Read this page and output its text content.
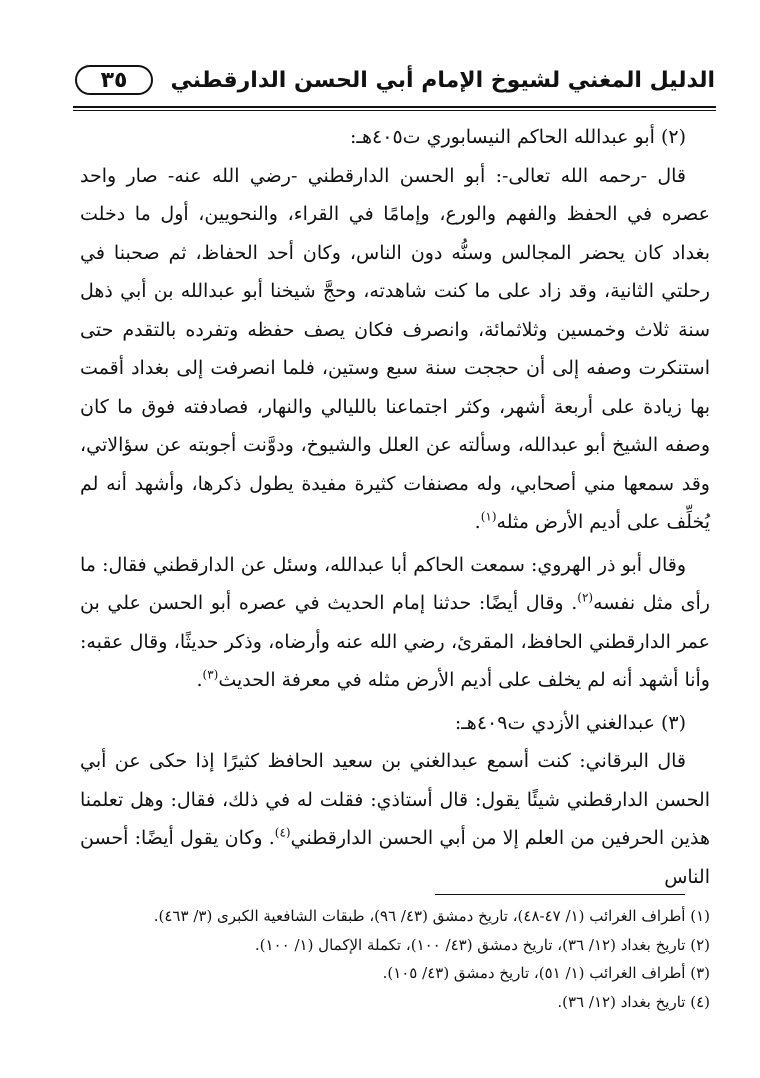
الدليل المغني لشيوخ الإمام أبي الحسن الدارقطني
٣٥

(٢) أبو عبدالله الحاكم النيسابوري ت٤٠٥هـ:

قال -رحمه الله تعالى-: أبو الحسن الدارقطني -رضي الله عنه- صار واحد عصره في الحفظ والفهم والورع، وإمامًا في القراء، والنحويين، أول ما دخلت بغداد كان يحضر المجالس وسنُّه دون الناس، وكان أحد الحفاظ، ثم صحبنا في رحلتي الثانية، وقد زاد على ما كنت شاهدته، وحجَّ شيخنا أبو عبدالله بن أبي ذهل سنة ثلاث وخمسين وثلاثمائة، وانصرف فكان يصف حفظه وتفرده بالتقدم حتى استنكرت وصفه إلى أن حججت سنة سبع وستين، فلما انصرفت إلى بغداد أقمت بها زيادة على أربعة أشهر، وكثر اجتماعنا بالليالي والنهار، فصادفته فوق ما كان وصفه الشيخ أبو عبدالله، وسألته عن العلل والشيوخ، ودوَّنت أجوبته عن سؤالاتي، وقد سمعها مني أصحابي، وله مصنفات كثيرة مفيدة يطول ذكرها، وأشهد أنه لم يُخلِّف على أديم الأرض مثله$^{(١)}$.

وقال أبو ذر الهروي: سمعت الحاكم أبا عبدالله، وسئل عن الدارقطني فقال: ما رأى مثل نفسه$^{(٢)}$. وقال أيضًا: حدثنا إمام الحديث في عصره أبو الحسن علي بن عمر الدارقطني الحافظ، المقرئ، رضي الله عنه وأرضاه، وذكر حديثًا، وقال عقبه: وأنا أشهد أنه لم يخلف على أديم الأرض مثله في معرفة الحديث$^{(٣)}$.

(٣) عبدالغني الأزدي ت٤٠٩هـ:

قال البرقاني: كنت أسمع عبدالغني بن سعيد الحافظ كثيرًا إذا حكى عن أبي الحسن الدارقطني شيئًا يقول: قال أستاذي: فقلت له في ذلك، فقال: وهل تعلمنا هذين الحرفين من العلم إلا من أبي الحسن الدارقطني$^{(٤)}$. وكان يقول أيضًا: أحسن الناس

(١) أطراف الغرائب (١/ ٤٧-٤٨)، تاريخ دمشق (٤٣/ ٩٦)، طبقات الشافعية الكبرى (٣/ ٤٦٣).

(٢) تاريخ بغداد (١٢/ ٣٦)، تاريخ دمشق (٤٣/ ١٠٠)، تكملة الإكمال (١/ ١٠٠).

(٣) أطراف الغرائب (١/ ٥١)، تاريخ دمشق (٤٣/ ١٠٥).

(٤) تاريخ بغداد (١٢/ ٣٦).
